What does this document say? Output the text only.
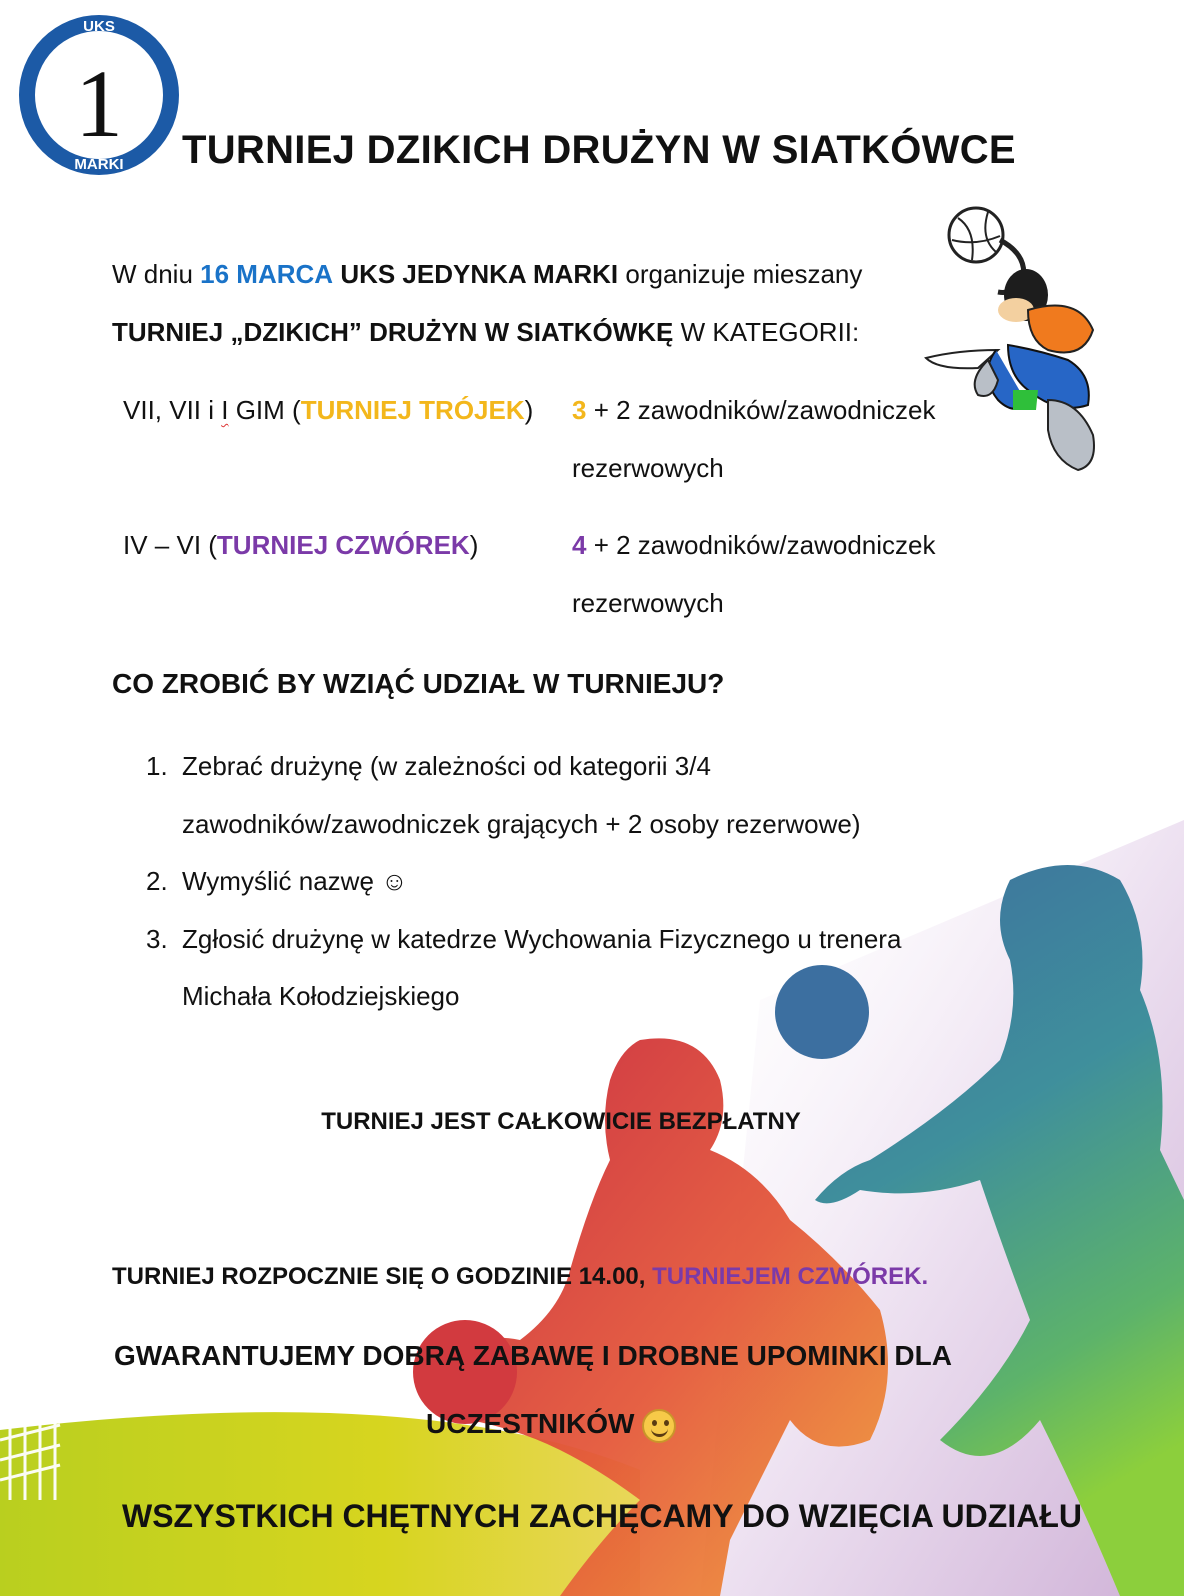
UKS
MARKI
1 TURNIEJ DZIKICH DRUŻYN W SIATKÓWCE
W dniu 16 MARCA UKS JEDYNKA MARKI organizuje mieszany
TURNIEJ „DZIKICH” DRUŻYN W SIATKÓWKĘ W KATEGORII:
VII, VII i I GIM (TURNIEJ TRÓJEK) 3 + 2 zawodników/zawodniczek
rezerwowych
IV – VI (TURNIEJ CZWÓREK)	4 + 2 zawodników/zawodniczek
rezerwowych
CO ZROBIĆ BY WZIĄĆ UDZIAŁ W TURNIEJU?
1. Zebrać drużynę (w zależności od kategorii 3/4
zawodników/zawodniczek grających + 2 osoby rezerwowe)
2. Wymyślić nazwę ☺
3. Zgłosić drużynę w katedrze Wychowania Fizycznego u trenera
Michała Kołodziejskiego
TURNIEJ JEST CAŁKOWICIE BEZPŁATNY
TURNIEJ ROZPOCZNIE SIĘ O GODZINIE 14.00, TURNIEJEM CZWÓREK.
GWARANTUJEMY DOBRĄ ZABAWĘ I DROBNE UPOMINKI DLA
UCZESTNIKÓW
WSZYSTKICH CHĘTNYCH ZACHĘCAMY DO WZIĘCIA UDZIAŁU
